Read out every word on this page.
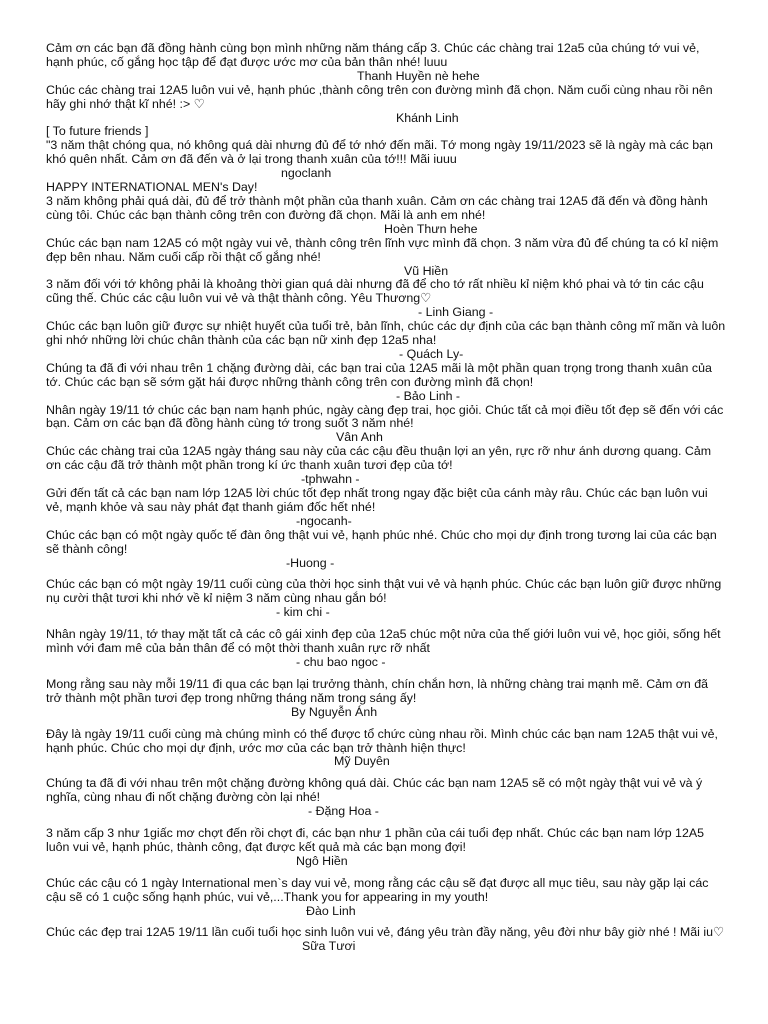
Cảm ơn các bạn đã đồng hành cùng bọn mình những năm tháng cấp 3. Chúc các chàng trai 12a5 của chúng tớ vui vẻ, hạnh phúc, cố gắng học tập để đạt được ước mơ của bản thân nhé! luuu

Thanh Huyền nè hehe

Chúc các chàng trai 12A5 luôn vui vẻ, hạnh phúc ,thành công trên con đường mình đã chọn. Năm cuối cùng nhau rồi nên hãy ghi nhớ thật kĩ nhé! :> ♡

Khánh Linh

[ To future friends ]
"3 năm thật chóng qua, nó không quá dài nhưng đủ để tớ nhớ đến mãi. Tớ mong ngày 19/11/2023 sẽ là ngày mà các bạn khó quên nhất. Cảm ơn đã đến và ở lại trong thanh xuân của tớ!!! Mãi iuuu

ngoclanh

HAPPY INTERNATIONAL MEN's Day!
3 năm không phải quá dài, đủ để trở thành một phần của thanh xuân. Cảm ơn các chàng trai 12A5 đã đến và đồng hành cùng tôi. Chúc các bạn thành công trên con đường đã chọn. Mãi là anh em nhé!

Hoèn Thưn hehe

Chúc các bạn nam 12A5 có một ngày vui vẻ, thành công trên lĩnh vực mình đã chọn. 3 năm vừa đủ để chúng ta có kỉ niệm đẹp bên nhau. Năm cuối cấp rồi thật cố gắng nhé!

Vũ Hiền

3 năm đối với tớ không phải là khoảng thời gian quá dài nhưng đã để cho tớ rất nhiều kỉ niệm khó phai và tớ tin các cậu cũng thế. Chúc các cậu luôn vui vẻ và thật thành công. Yêu Thương♡

- Linh Giang -

Chúc các bạn luôn giữ được sự nhiệt huyết của tuổi trẻ, bản lĩnh, chúc các dự định của các bạn thành công mĩ mãn và luôn ghi nhớ những lời chúc chân thành của các bạn nữ xinh đẹp 12a5 nha!

- Quách Ly-

Chúng ta đã đi với nhau trên 1 chặng đường dài, các bạn trai của 12A5 mãi là một phần quan trọng trong thanh xuân của tớ. Chúc các bạn sẽ sớm gặt hái được những thành công trên con đường mình đã chọn!

- Bảo Linh -

Nhân ngày 19/11 tớ chúc các bạn nam hạnh phúc, ngày càng đẹp trai, học giỏi. Chúc tất cả mọi điều tốt đẹp sẽ đến với các bạn. Cảm ơn các bạn đã đồng hành cùng tớ trong suốt 3 năm nhé!

Vân Anh

Chúc các chàng trai của 12A5 ngày tháng sau này của các cậu đều thuận lợi an yên, rực rỡ như ánh dương quang. Cảm ơn các cậu đã trở thành một phần trong kí ức thanh xuân tươi đẹp của tớ!

-tphwahn -

Gửi đến tất cả các bạn nam lớp 12A5 lời chúc tốt đẹp nhất trong ngay đặc biệt của cánh mày râu. Chúc các bạn luôn vui vẻ, mạnh khỏe và sau này phát đạt thanh giám đốc hết nhé!

-ngocanh-

Chúc các bạn có một ngày quốc tế đàn ông thật vui vẻ, hạnh phúc nhé. Chúc cho mọi dự định trong tương lai của các bạn sẽ thành công!

-Huong -

Chúc các bạn có một ngày 19/11 cuối cùng của thời học sinh thật vui vẻ và hạnh phúc. Chúc các bạn luôn giữ được những nụ cười thật tươi khi nhớ về kỉ niệm 3 năm cùng nhau gắn bó!

- kim chi -

Nhân ngày 19/11, tớ thay mặt tất cả các cô gái xinh đẹp của 12a5 chúc một nửa của thế giới luôn vui vẻ, học giỏi, sống hết mình với đam mê của bản thân để có một thời thanh xuân rực rỡ nhất

- chu bao ngoc -

Mong rằng sau này mỗi 19/11 đi qua các bạn lại trưởng thành, chín chắn hơn, là những chàng trai mạnh mẽ. Cảm ơn đã trở thành một phần tươi đẹp trong những tháng năm trong sáng ấy!

By Nguyễn Ánh

Đây là ngày 19/11 cuối cùng mà chúng mình có thể được tổ chức cùng nhau rồi. Mình chúc các bạn nam 12A5 thật vui vẻ, hạnh phúc. Chúc cho mọi dự định, ước mơ của các bạn trở thành hiện thực!

Mỹ Duyên

Chúng ta đã đi với nhau trên một chặng đường không quá dài. Chúc các bạn nam 12A5 sẽ có một ngày thật vui vẻ và ý nghĩa, cùng nhau đi nốt chặng đường còn lại nhé!

- Đặng Hoa -

3 năm cấp 3 như 1giấc mơ chợt đến rồi chợt đi, các bạn như 1 phần của cái tuổi đẹp nhất. Chúc các bạn nam lớp 12A5 luôn vui vẻ, hạnh phúc, thành công, đạt được kết quả mà các bạn mong đợi!

Ngô Hiền

Chúc các cậu có 1 ngày International men`s day vui vẻ, mong rằng các cậu sẽ đạt được all mục tiêu, sau này gặp lại các cậu sẽ có 1 cuộc sống hạnh phúc, vui vẻ,...Thank you for appearing in my youth!

Đào Linh

Chúc các đẹp trai 12A5 19/11 lần cuối tuổi học sinh luôn vui vẻ, đáng yêu tràn đầy năng, yêu đời như bây giờ nhé ! Mãi iu♡

Sữa Tươi
